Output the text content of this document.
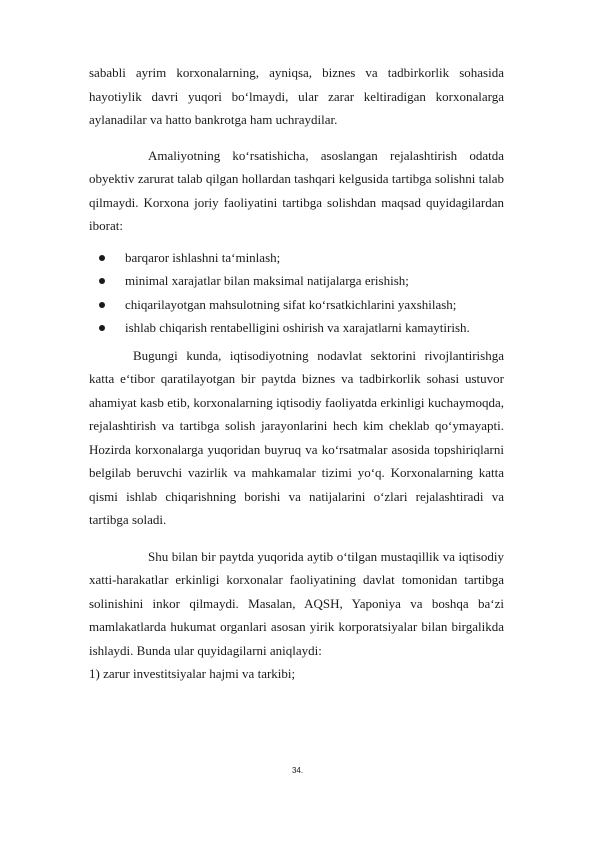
sababli ayrim korxonalarning, ayniqsa, biznes va tadbirkorlik sohasida hayotiylik davri yuqori bo‘lmaydi, ular zarar keltiradigan korxonalarga aylanadilar va hatto bankrotga ham uchraydilar.

Amaliyotning ko‘rsatishicha, asoslangan rejalashtirish odatda obyektiv zarurat talab qilgan hollardan tashqari kelgusida tartibga solishni talab qilmaydi. Korxona joriy faoliyatini tartibga solishdan maqsad quyidagilardan iborat:

barqaror ishlashni ta‘minlash;
minimal xarajatlar bilan maksimal natijalarga erishish;
chiqarilayotgan mahsulotning sifat ko‘rsatkichlarini yaxshilash;
ishlab chiqarish rentabelligini oshirish va xarajatlarni kamaytirish.

Bugungi kunda, iqtisodiyotning nodavlat sektorini rivojlantirishga katta e‘tibor qaratilayotgan bir paytda biznes va tadbirkorlik sohasi ustuvor ahamiyat kasb etib, korxonalarning iqtisodiy faoliyatda erkinligi kuchaymoqda, rejalashtirish va tartibga solish jarayonlarini hech kim cheklab qo‘ymayapti. Hozirda korxonalarga yuqoridan buyruq va ko‘rsatmalar asosida topshiriqlarni belgilab beruvchi vazirlik va mahkamalar tizimi yo‘q. Korxonalarning katta qismi ishlab chiqarishning borishi va natijalarini o‘zlari rejalashtiradi va tartibga soladi.

Shu bilan bir paytda yuqorida aytib o‘tilgan mustaqillik va iqtisodiy xatti-harakatlar erkinligi korxonalar faoliyatining davlat tomonidan tartibga solinishini inkor qilmaydi. Masalan, AQSH, Yaponiya va boshqa ba‘zi mamlakatlarda hukumat organlari asosan yirik korporatsiyalar bilan birgalikda ishlaydi. Bunda ular quyidagilarni aniqlaydi:

1) zarur investitsiyalar hajmi va tarkibi;

34.
